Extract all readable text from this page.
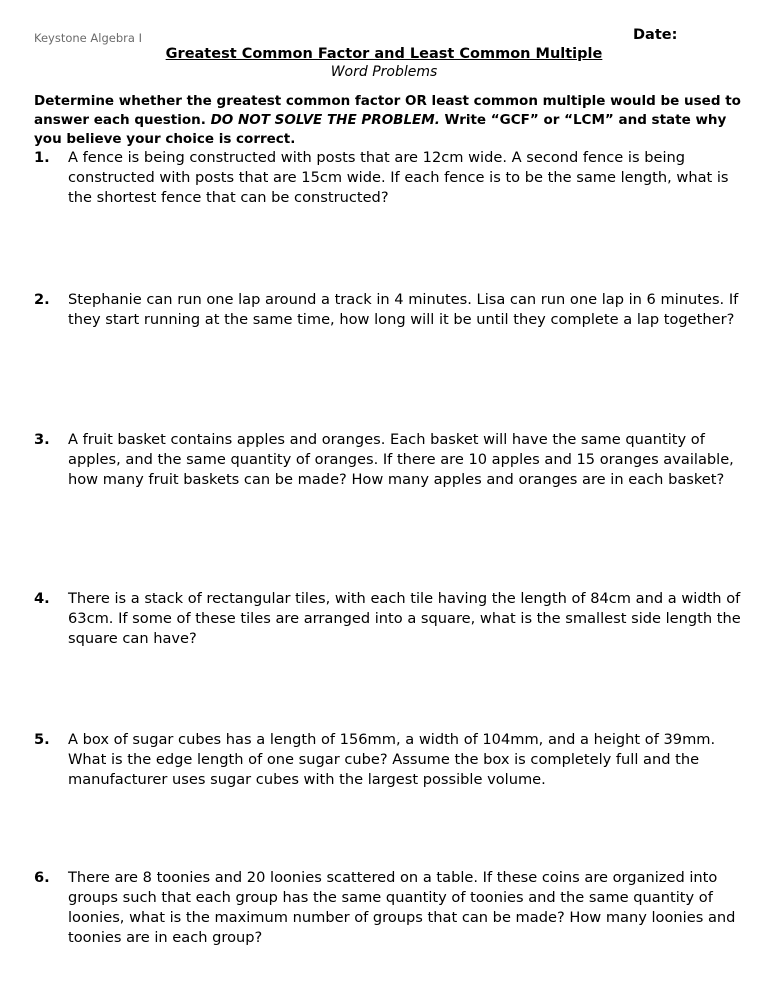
Keystone Algebra I	Date:
Greatest Common Factor and Least Common Multiple
Word Problems
Determine whether the greatest common factor OR least common multiple would be used to answer each question. DO NOT SOLVE THE PROBLEM. Write “GCF” or “LCM” and state why you believe your choice is correct.
1. A fence is being constructed with posts that are 12cm wide. A second fence is being constructed with posts that are 15cm wide. If each fence is to be the same length, what is the shortest fence that can be constructed?
2. Stephanie can run one lap around a track in 4 minutes. Lisa can run one lap in 6 minutes. If they start running at the same time, how long will it be until they complete a lap together?
3. A fruit basket contains apples and oranges. Each basket will have the same quantity of apples, and the same quantity of oranges. If there are 10 apples and 15 oranges available, how many fruit baskets can be made? How many apples and oranges are in each basket?
4. There is a stack of rectangular tiles, with each tile having the length of 84cm and a width of 63cm. If some of these tiles are arranged into a square, what is the smallest side length the square can have?
5. A box of sugar cubes has a length of 156mm, a width of 104mm, and a height of 39mm. What is the edge length of one sugar cube? Assume the box is completely full and the manufacturer uses sugar cubes with the largest possible volume.
6. There are 8 toonies and 20 loonies scattered on a table. If these coins are organized into groups such that each group has the same quantity of toonies and the same quantity of loonies, what is the maximum number of groups that can be made? How many loonies and toonies are in each group?
